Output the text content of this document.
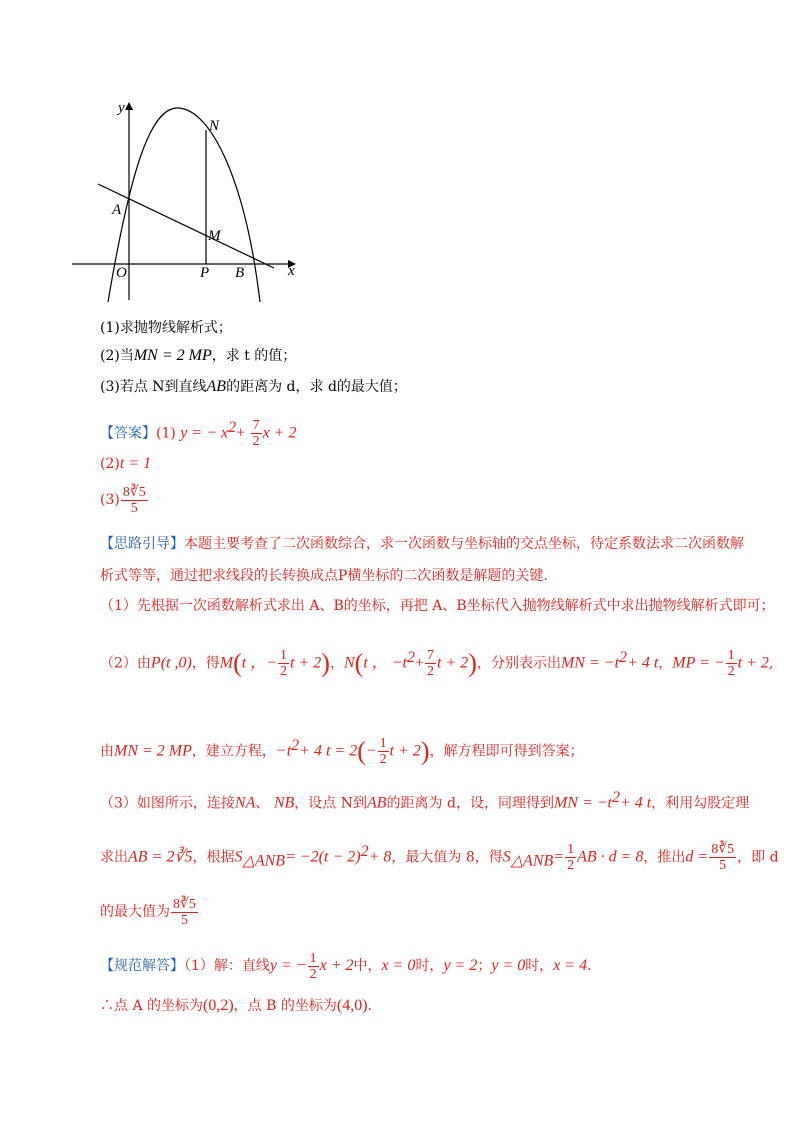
y
x
O
N
A
M
P B
(1)求抛物线解析式；
(2)当MN = 2 MP，求 t 的值；
(3)若点 N到直线AB的距离为 d，求 d的最大值；
【答案】(1) y = − $x^2+ \frac{7}{2}$ x + 2
(2)t = 1
$(3) \frac{8∛5}{5}$
【思路引导】本题主要考查了二次函数综合，求一次函数与坐标轴的交点坐标，待定系数法求二次函数解
析式等等，通过把求线段的长转换成点P横坐标的二次函数是解题的关键.
（1）先根据一次函数解析式求出 A、B的坐标，再把 A、B坐标代入抛物线解析式中求出抛物线解析式即可；
（2）由P(t ,0)，得M(t ，− $\frac{1}{2}$ t + 2)，N(t ， $-t^2+ \frac{7}{2}$ t + 2)，分别表示出MN = $-t^2+ 4$ t，MP = − $\frac{1}{2}$ t + 2,
由MN = 2 MP，建立方程，$-t^2+ 4$ $t = 2(- \frac{1}{2}$ t + 2)，解方程即可得到答案；
（3）如图所示，连接NA、 NB，设点 N到AB的距离为 d，设，同理得到MN = $-t^2+ 4$ t，利用勾股定理
求出AB = 2∛5，根据$S_{\triangle ANB}= -2(t - 2)^2+ 8$，最大值为 8，得$S_{\triangle ANB}= \frac{1}{2}$ AB · d = 8，推出$d = \frac{8∛5}{5}$ ，即 d
的最大值为 $\frac{8∛5}{5}$
【规范解答】（1）解：直线y = − $\frac{1}{2}$ x + 2中，x = 0时，y = 2；y = 0时，x = 4.
∴点 A 的坐标为(0,2)，点 B 的坐标为(4,0).
